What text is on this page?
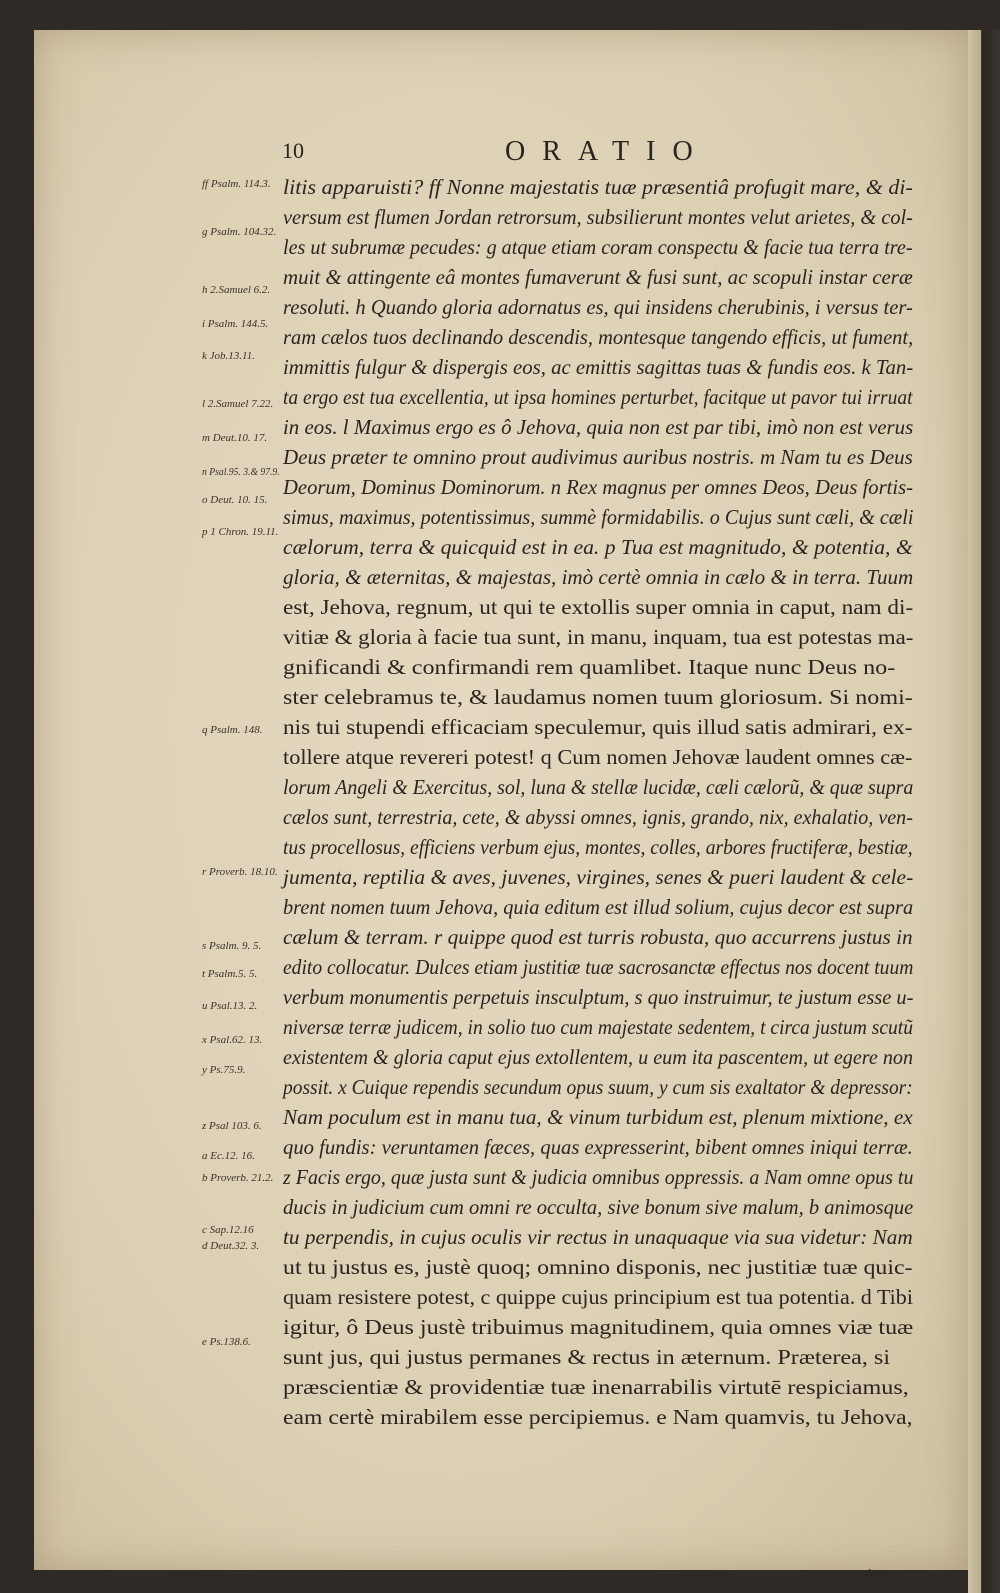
10	ORATIO
ff Psalm. 114.3.
g Psalm. 104.32.
h 2.Samuel 6.2.
i Psalm. 144.5.
k Job.13.11.
l 2.Samuel 7.22.
m Deut.10. 17.
n Psal.95. 3.& 97.9.
o Deut. 10. 15.
p 1 Chron. 19.11.
q Psalm. 148.
r Proverb. 18.10.
s Psalm. 9. 5.
t Psalm.5. 5.
u Psal.13. 2.
x Psal.62. 13.
y Ps.75.9.
z Psal 103. 6.
a Ec.12. 16.
b Proverb. 21.2.
c Sap.12.16
d Deut.32. 3.
e Ps.138.6.
litis apparuisti? ff Nonne majestatis tuæ præsentiâ profugit mare, & di-
versum est flumen Jordan retrorsum, subsilierunt montes velut arietes, & col-
les ut subrumæ pecudes: g atque etiam coram conspectu & facie tua terra tre-
muit & attingente eâ montes fumaverunt & fusi sunt, ac scopuli instar ceræ
resoluti. h Quando gloria adornatus es, qui insidens cherubinis, i versus ter-
ram cælos tuos declinando descendis, montesque tangendo efficis, ut fument,
immittis fulgur & dispergis eos, ac emittis sagittas tuas & fundis eos. k Tan-
ta ergo est tua excellentia, ut ipsa homines perturbet, facitque ut pavor tui irruat
in eos. l Maximus ergo es ô Jehova, quia non est par tibi, imò non est verus
Deus præter te omnino prout audivimus auribus nostris. m Nam tu es Deus
Deorum, Dominus Dominorum. n Rex magnus per omnes Deos, Deus fortis-
simus, maximus, potentissimus, summè formidabilis. o Cujus sunt cæli, & cæli
cælorum, terra & quicquid est in ea. p Tua est magnitudo, & potentia, &
gloria, & æternitas, & majestas, imò certè omnia in cælo & in terra. Tuum
est, Jehova, regnum, ut qui te extollis super omnia in caput, nam di-
vitiæ & gloria à facie tua sunt, in manu, inquam, tua est potestas ma-
gnificandi & confirmandi rem quamlibet. Itaque nunc Deus no-
ster celebramus te, & laudamus nomen tuum gloriosum. Si nomi-
nis tui stupendi efficaciam speculemur, quis illud satis admirari, ex-
tollere atque revereri potest! q Cum nomen Jehovæ laudent omnes cæ-
lorum Angeli & Exercitus, sol, luna & stellæ lucidæ, cæli cælorũ, & quæ supra
cælos sunt, terrestria, cete, & abyssi omnes, ignis, grando, nix, exhalatio, ven-
tus procellosus, efficiens verbum ejus, montes, colles, arbores fructiferæ, bestiæ,
jumenta, reptilia & aves, juvenes, virgines, senes & pueri laudent & cele-
brent nomen tuum Jehova, quia editum est illud solium, cujus decor est supra
cælum & terram. r quippe quod est turris robusta, quo accurrens justus in
edito collocatur. Dulces etiam justitiæ tuæ sacrosanctæ effectus nos docent tuum
verbum monumentis perpetuis insculptum, s quo instruimur, te justum esse u-
niversæ terræ judicem, in solio tuo cum majestate sedentem, t circa justum scutũ
existentem & gloria caput ejus extollentem, u eum ita pascentem, ut egere non
possit. x Cuique rependis secundum opus suum, y cum sis exaltator & depressor:
Nam poculum est in manu tua, & vinum turbidum est, plenum mixtione, ex
quo fundis: veruntamen fæces, quas expresserint, bibent omnes iniqui terræ.
z Facis ergo, quæ justa sunt & judicia omnibus oppressis. a Nam omne opus tu
ducis in judicium cum omni re occulta, sive bonum sive malum, b animosque
tu perpendis, in cujus oculis vir rectus in unaquaque via sua videtur: Nam
ut tu justus es, justè quoq; omnino disponis, nec justitiæ tuæ quic-
quam resistere potest, c quippe cujus principium est tua potentia. d Tibi
igitur, ô Deus justè tribuimus magnitudinem, quia omnes viæ tuæ
sunt jus, qui justus permanes & rectus in æternum. Præterea, si
præscientiæ & providentiæ tuæ inenarrabilis virtutē respiciamus,
eam certè mirabilem esse percipiemus. e Nam quamvis, tu Jehova,
elatu-
